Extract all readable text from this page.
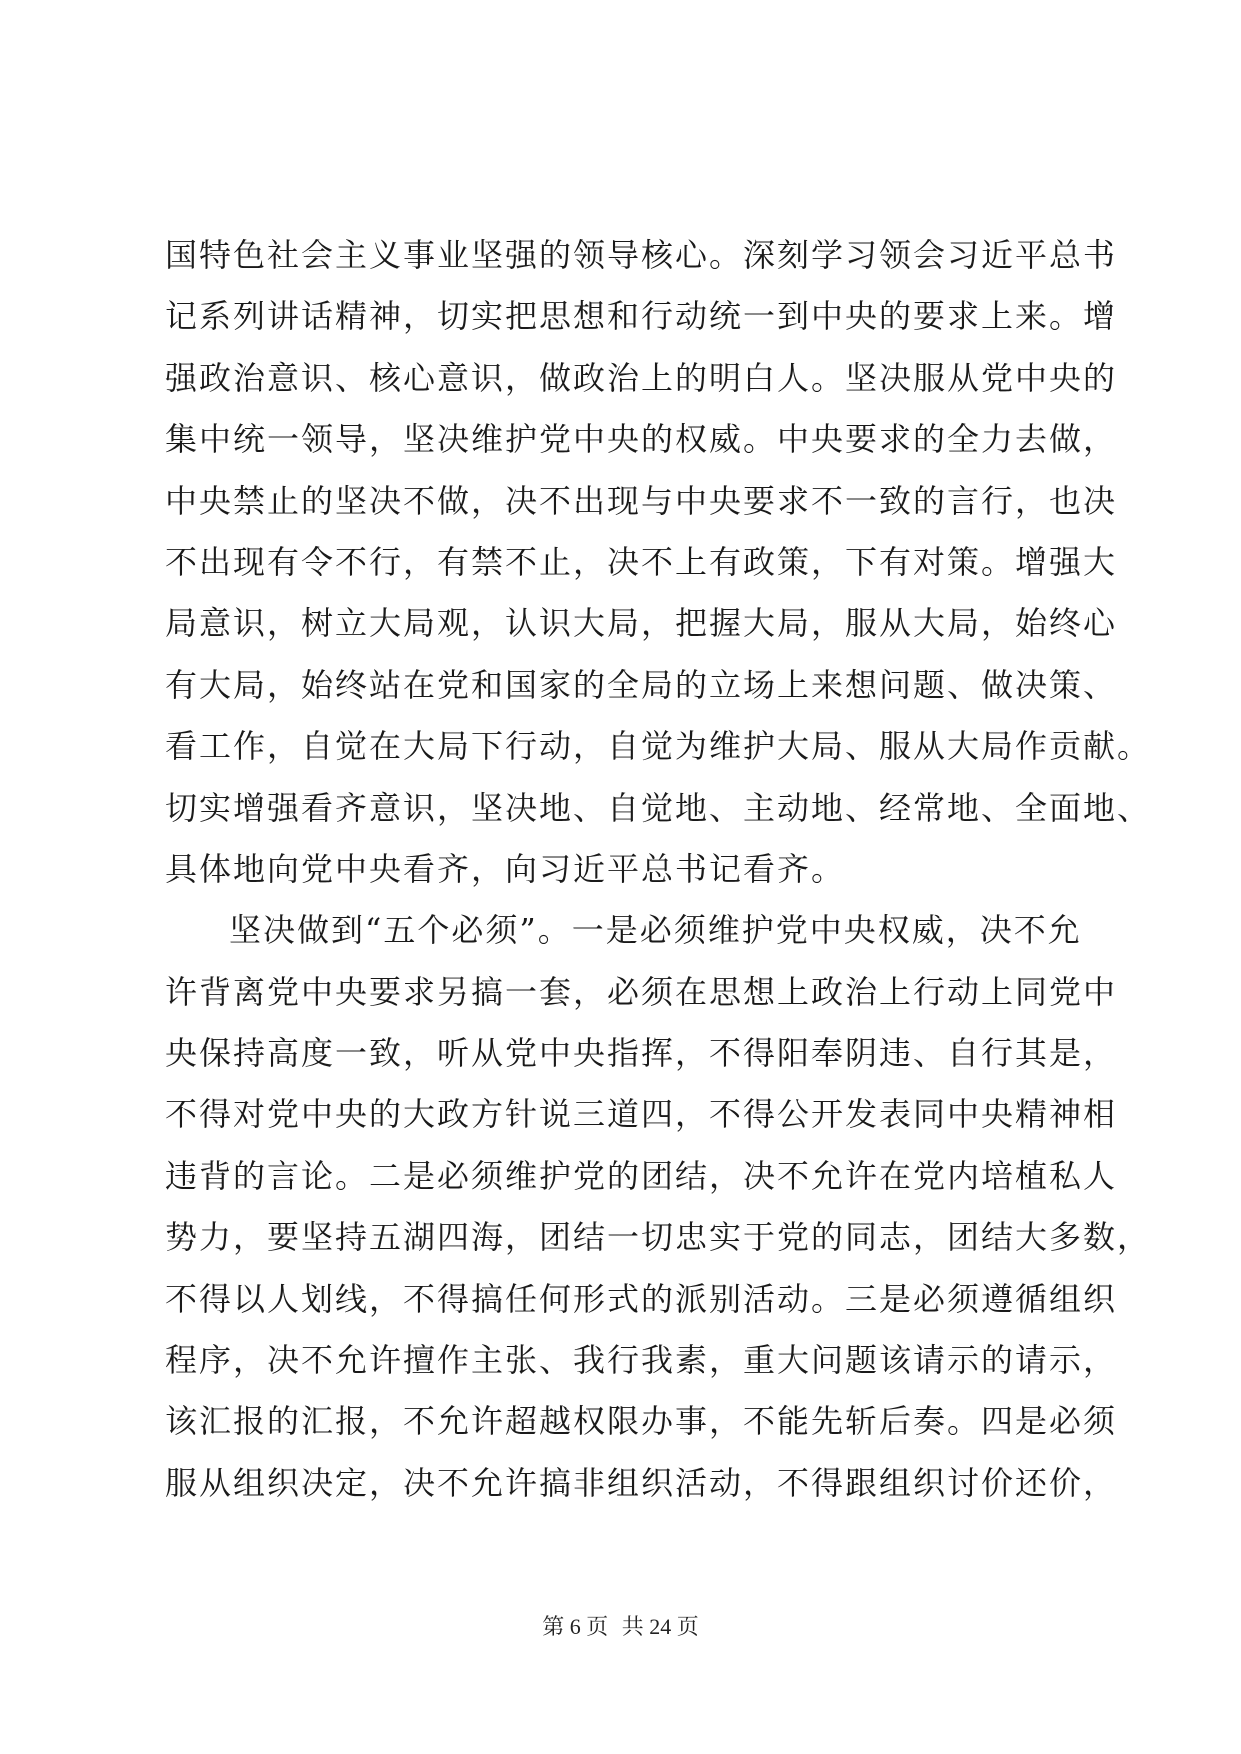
国特色社会主义事业坚强的领导核心。深刻学习领会习近平总书
记系列讲话精神，切实把思想和行动统一到中央的要求上来。增
强政治意识、核心意识，做政治上的明白人。坚决服从党中央的
集中统一领导，坚决维护党中央的权威。中央要求的全力去做，
中央禁止的坚决不做，决不出现与中央要求不一致的言行，也决
不出现有令不行，有禁不止，决不上有政策，下有对策。增强大
局意识，树立大局观，认识大局，把握大局，服从大局，始终心
有大局，始终站在党和国家的全局的立场上来想问题、做决策、
看工作，自觉在大局下行动，自觉为维护大局、服从大局作贡献。
切实增强看齐意识，坚决地、自觉地、主动地、经常地、全面地、
具体地向党中央看齐，向习近平总书记看齐。
坚决做到“五个必须”。一是必须维护党中央权威，决不允
许背离党中央要求另搞一套，必须在思想上政治上行动上同党中
央保持高度一致，听从党中央指挥，不得阳奉阴违、自行其是，
不得对党中央的大政方针说三道四，不得公开发表同中央精神相
违背的言论。二是必须维护党的团结，决不允许在党内培植私人
势力，要坚持五湖四海，团结一切忠实于党的同志，团结大多数，
不得以人划线，不得搞任何形式的派别活动。三是必须遵循组织
程序，决不允许擅作主张、我行我素，重大问题该请示的请示，
该汇报的汇报，不允许超越权限办事，不能先斩后奏。四是必须
服从组织决定，决不允许搞非组织活动，不得跟组织讨价还价，
第 6 页 共 24 页
